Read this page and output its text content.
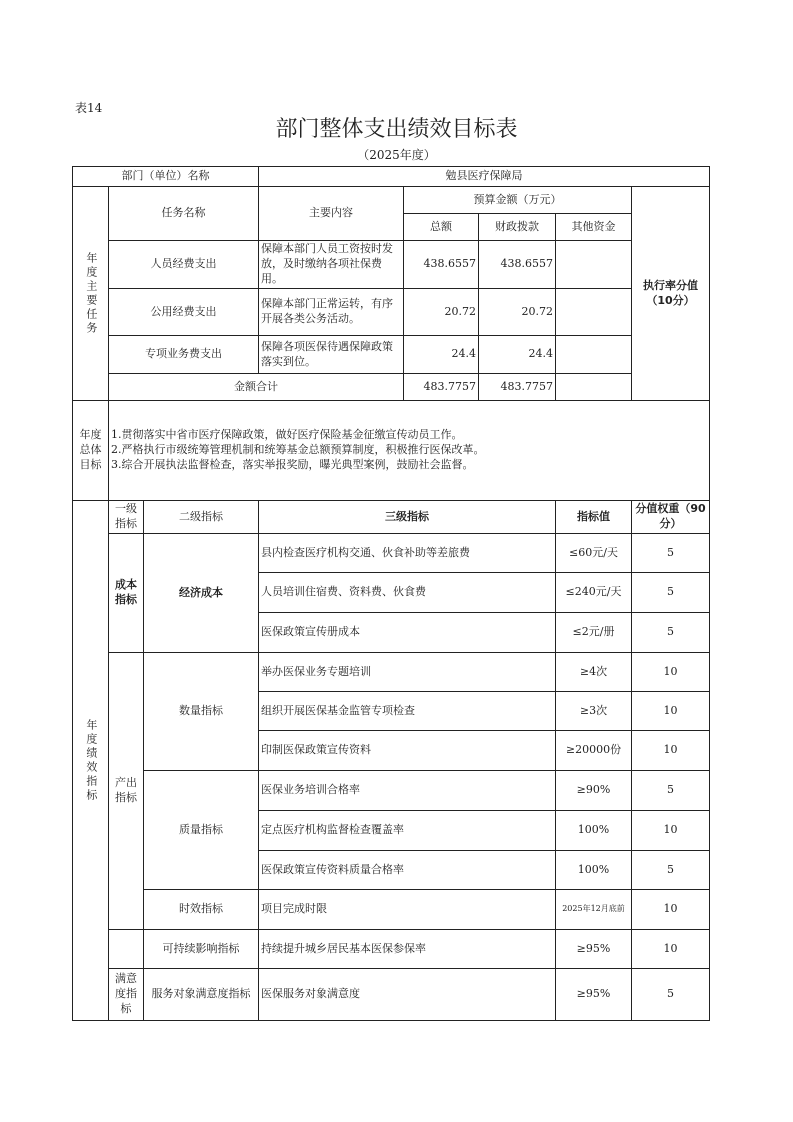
表14
部门整体支出绩效目标表
（2025年度）
部门（单位）名称			勉县医疗保障局				

年度主要任务	任务名称		主要内容	预算金额（万元）			执行率分值（10分）
				总额	财政拨款	其他资金	
	人员经费支出		保障本部门人员工资按时发放，及时缴纳各项社保费用。	438.6557	438.6557		
	公用经费支出		保障本部门正常运转，有序开展各类公务活动。	20.72	20.72		
	专项业务费支出		保障各项医保待遇保障政策落实到位。	24.4	24.4		
	金额合计			483.7757	483.7757		
年度总体目标	1.贯彻落实中省市医疗保障政策，做好医疗保险基金征缴宣传动员工作。
2.严格执行市级统筹管理机制和统筹基金总额预算制度，积极推行医保改革。
3.综合开展执法监督检查，落实举报奖励，曝光典型案例，鼓励社会监督。						

年度绩效指标	一级指标	二级指标	三级指标			指标值	分值权重（90分）
	成本指标	经济成本	县内检查医疗机构交通、伙食补助等差旅费			≤60元/天	5
			人员培训住宿费、资料费、伙食费			≤240元/天	5
			医保政策宣传册成本			≤2元/册	5
	产出指标	数量指标	举办医保业务专题培训			≥4次	10
			组织开展医保基金监管专项检查			≥3次	10
			印制医保政策宣传资料			≥20000份	10
		质量指标	医保业务培训合格率			≥90%	5
			定点医疗机构监督检查覆盖率			100%	10
			医保政策宣传资料质量合格率			100%	5
		时效指标	项目完成时限			2025年12月底前	10
		可持续影响指标	持续提升城乡居民基本医保参保率			≥95%	10
	满意度指标	服务对象满意度指标	医保服务对象满意度			≥95%	5
